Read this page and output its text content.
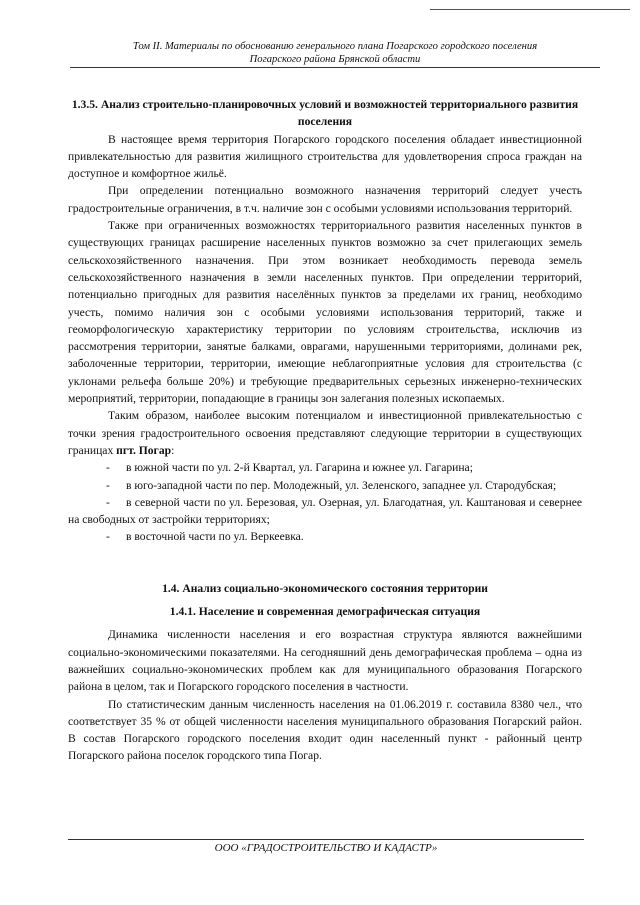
Том II. Материалы по обоснованию генерального плана Погарского городского поселения
Погарского района Брянской области

1.3.5. Анализ строительно-планировочных условий и возможностей территориального развития поселения

В настоящее время территория Погарского городского поселения обладает инвестиционной привлекательностью для развития жилищного строительства для удовлетворения спроса граждан на доступное и комфортное жильё.

При определении потенциально возможного назначения территорий следует учесть градостроительные ограничения, в т.ч. наличие зон с особыми условиями использования территорий.

Также при ограниченных возможностях территориального развития населенных пунктов в существующих границах расширение населенных пунктов возможно за счет прилегающих земель сельскохозяйственного назначения. При этом возникает необходимость перевода земель сельскохозяйственного назначения в земли населенных пунктов. При определении территорий, потенциально пригодных для развития населённых пунктов за пределами их границ, необходимо учесть, помимо наличия зон с особыми условиями использования территорий, также и геоморфологическую характеристику территории по условиям строительства, исключив из рассмотрения территории, занятые балками, оврагами, нарушенными территориями, долинами рек, заболоченные территории, территории, имеющие неблагоприятные условия для строительства (с уклонами рельефа больше 20%) и требующие предварительных серьезных инженерно-технических мероприятий, территории, попадающие в границы зон залегания полезных ископаемых.

Таким образом, наиболее высоким потенциалом и инвестиционной привлекательностью с точки зрения градостроительного освоения представляют следующие территории в существующих границах пгт. Погар:

- в южной части по ул. 2-й Квартал, ул. Гагарина и южнее ул. Гагарина;

- в юго-западной части по пер. Молодежный, ул. Зеленского, западнее ул. Стародубская;

- в северной части по ул. Березовая, ул. Озерная, ул. Благодатная, ул. Каштановая и севернее на свободных от застройки территориях;

- в восточной части по ул. Веркеевка.

1.4. Анализ социально-экономического состояния территории

1.4.1. Население и современная демографическая ситуация

Динамика численности населения и его возрастная структура являются важнейшими социально-экономическими показателями. На сегодняшний день демографическая проблема – одна из важнейших социально-экономических проблем как для муниципального образования Погарского района в целом, так и Погарского городского поселения в частности.

По статистическим данным численность населения на 01.06.2019 г. составила 8380 чел., что соответствует 35 % от общей численности населения муниципального образования Погарский район. В состав Погарского городского поселения входит один населенный пункт - районный центр Погарского района поселок городского типа Погар.

ООО «ГРАДОСТРОИТЕЛЬСТВО И КАДАСТР»
